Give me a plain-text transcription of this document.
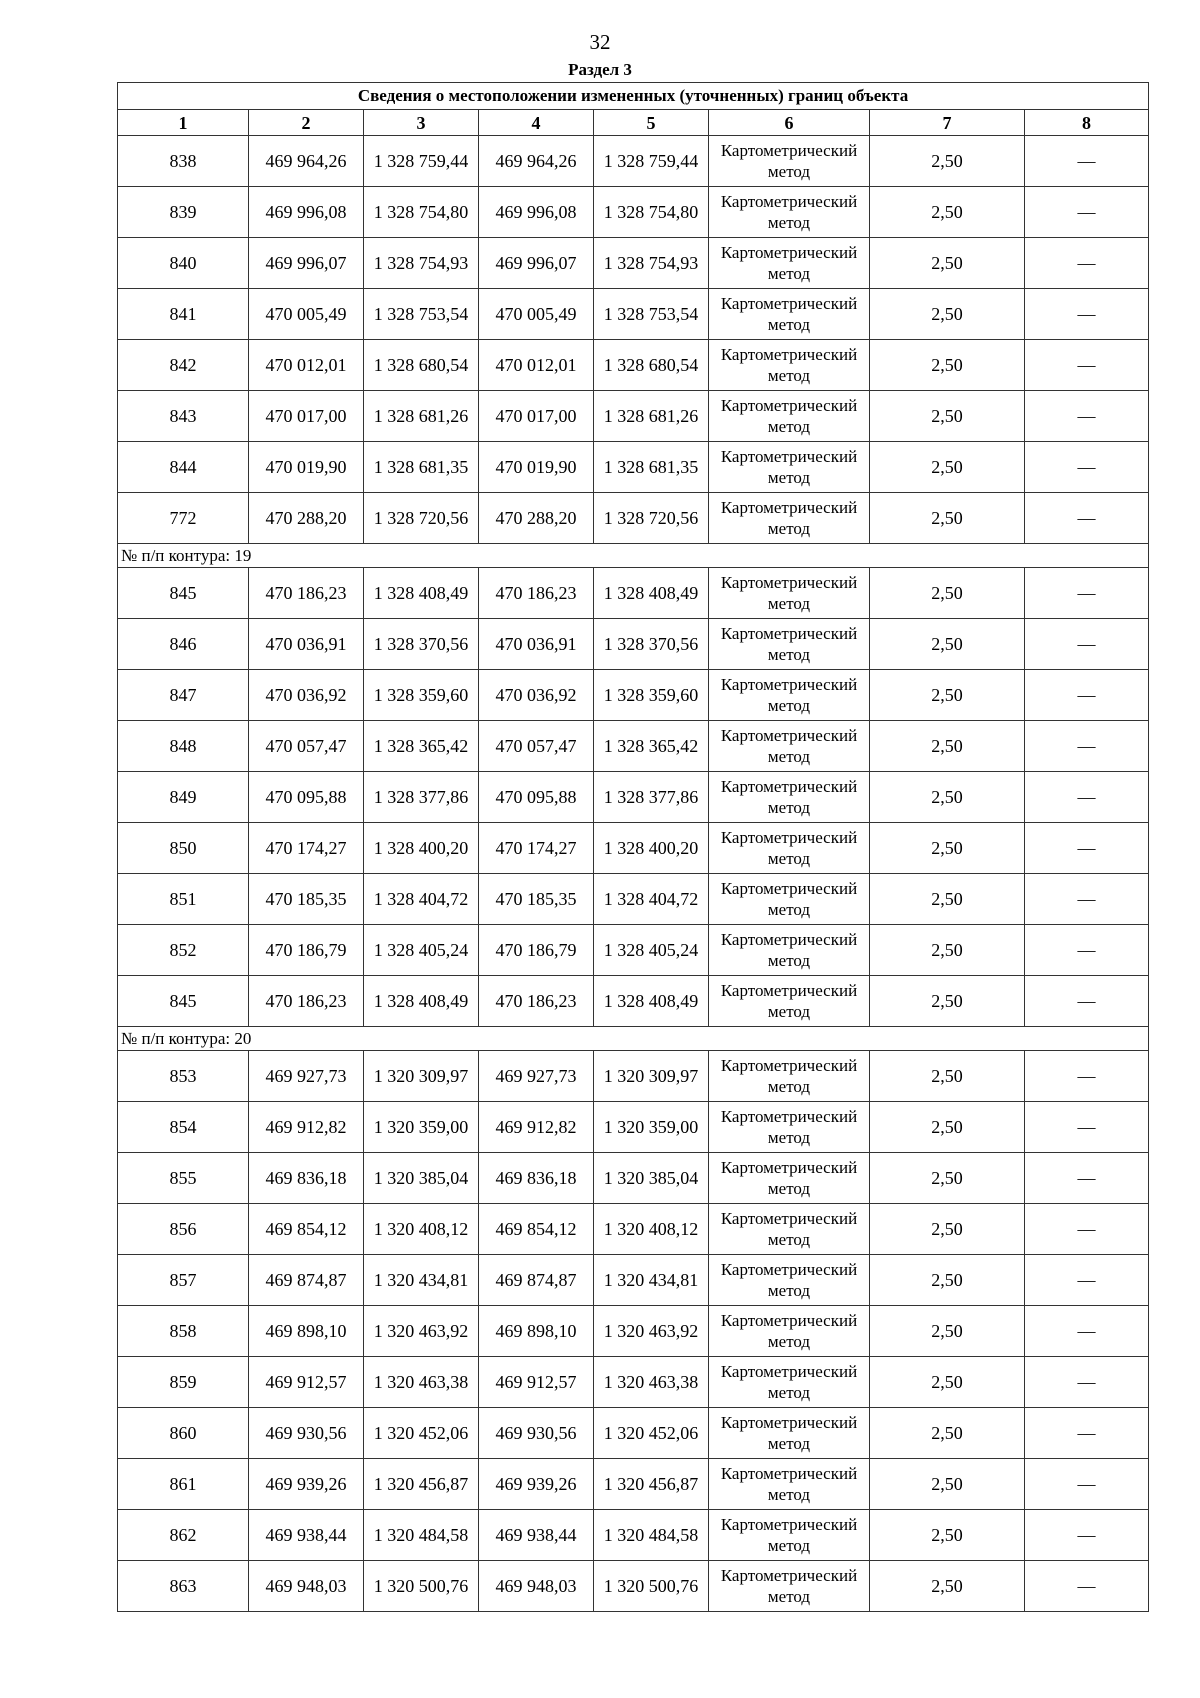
32
Раздел 3
Сведения о местоположении измененных (уточненных) границ объекта							
1	2	3	4	5	6	7	8
838	469 964,26	1 328 759,44	469 964,26	1 328 759,44	Картометрический метод	2,50	—
839	469 996,08	1 328 754,80	469 996,08	1 328 754,80	Картометрический метод	2,50	—
840	469 996,07	1 328 754,93	469 996,07	1 328 754,93	Картометрический метод	2,50	—
841	470 005,49	1 328 753,54	470 005,49	1 328 753,54	Картометрический метод	2,50	—
842	470 012,01	1 328 680,54	470 012,01	1 328 680,54	Картометрический метод	2,50	—
843	470 017,00	1 328 681,26	470 017,00	1 328 681,26	Картометрический метод	2,50	—
844	470 019,90	1 328 681,35	470 019,90	1 328 681,35	Картометрический метод	2,50	—
772	470 288,20	1 328 720,56	470 288,20	1 328 720,56	Картометрический метод	2,50	—
№ п/п контура: 19							
845	470 186,23	1 328 408,49	470 186,23	1 328 408,49	Картометрический метод	2,50	—
846	470 036,91	1 328 370,56	470 036,91	1 328 370,56	Картометрический метод	2,50	—
847	470 036,92	1 328 359,60	470 036,92	1 328 359,60	Картометрический метод	2,50	—
848	470 057,47	1 328 365,42	470 057,47	1 328 365,42	Картометрический метод	2,50	—
849	470 095,88	1 328 377,86	470 095,88	1 328 377,86	Картометрический метод	2,50	—
850	470 174,27	1 328 400,20	470 174,27	1 328 400,20	Картометрический метод	2,50	—
851	470 185,35	1 328 404,72	470 185,35	1 328 404,72	Картометрический метод	2,50	—
852	470 186,79	1 328 405,24	470 186,79	1 328 405,24	Картометрический метод	2,50	—
845	470 186,23	1 328 408,49	470 186,23	1 328 408,49	Картометрический метод	2,50	—
№ п/п контура: 20							
853	469 927,73	1 320 309,97	469 927,73	1 320 309,97	Картометрический метод	2,50	—
854	469 912,82	1 320 359,00	469 912,82	1 320 359,00	Картометрический метод	2,50	—
855	469 836,18	1 320 385,04	469 836,18	1 320 385,04	Картометрический метод	2,50	—
856	469 854,12	1 320 408,12	469 854,12	1 320 408,12	Картометрический метод	2,50	—
857	469 874,87	1 320 434,81	469 874,87	1 320 434,81	Картометрический метод	2,50	—
858	469 898,10	1 320 463,92	469 898,10	1 320 463,92	Картометрический метод	2,50	—
859	469 912,57	1 320 463,38	469 912,57	1 320 463,38	Картометрический метод	2,50	—
860	469 930,56	1 320 452,06	469 930,56	1 320 452,06	Картометрический метод	2,50	—
861	469 939,26	1 320 456,87	469 939,26	1 320 456,87	Картометрический метод	2,50	—
862	469 938,44	1 320 484,58	469 938,44	1 320 484,58	Картометрический метод	2,50	—
863	469 948,03	1 320 500,76	469 948,03	1 320 500,76	Картометрический метод	2,50	—
